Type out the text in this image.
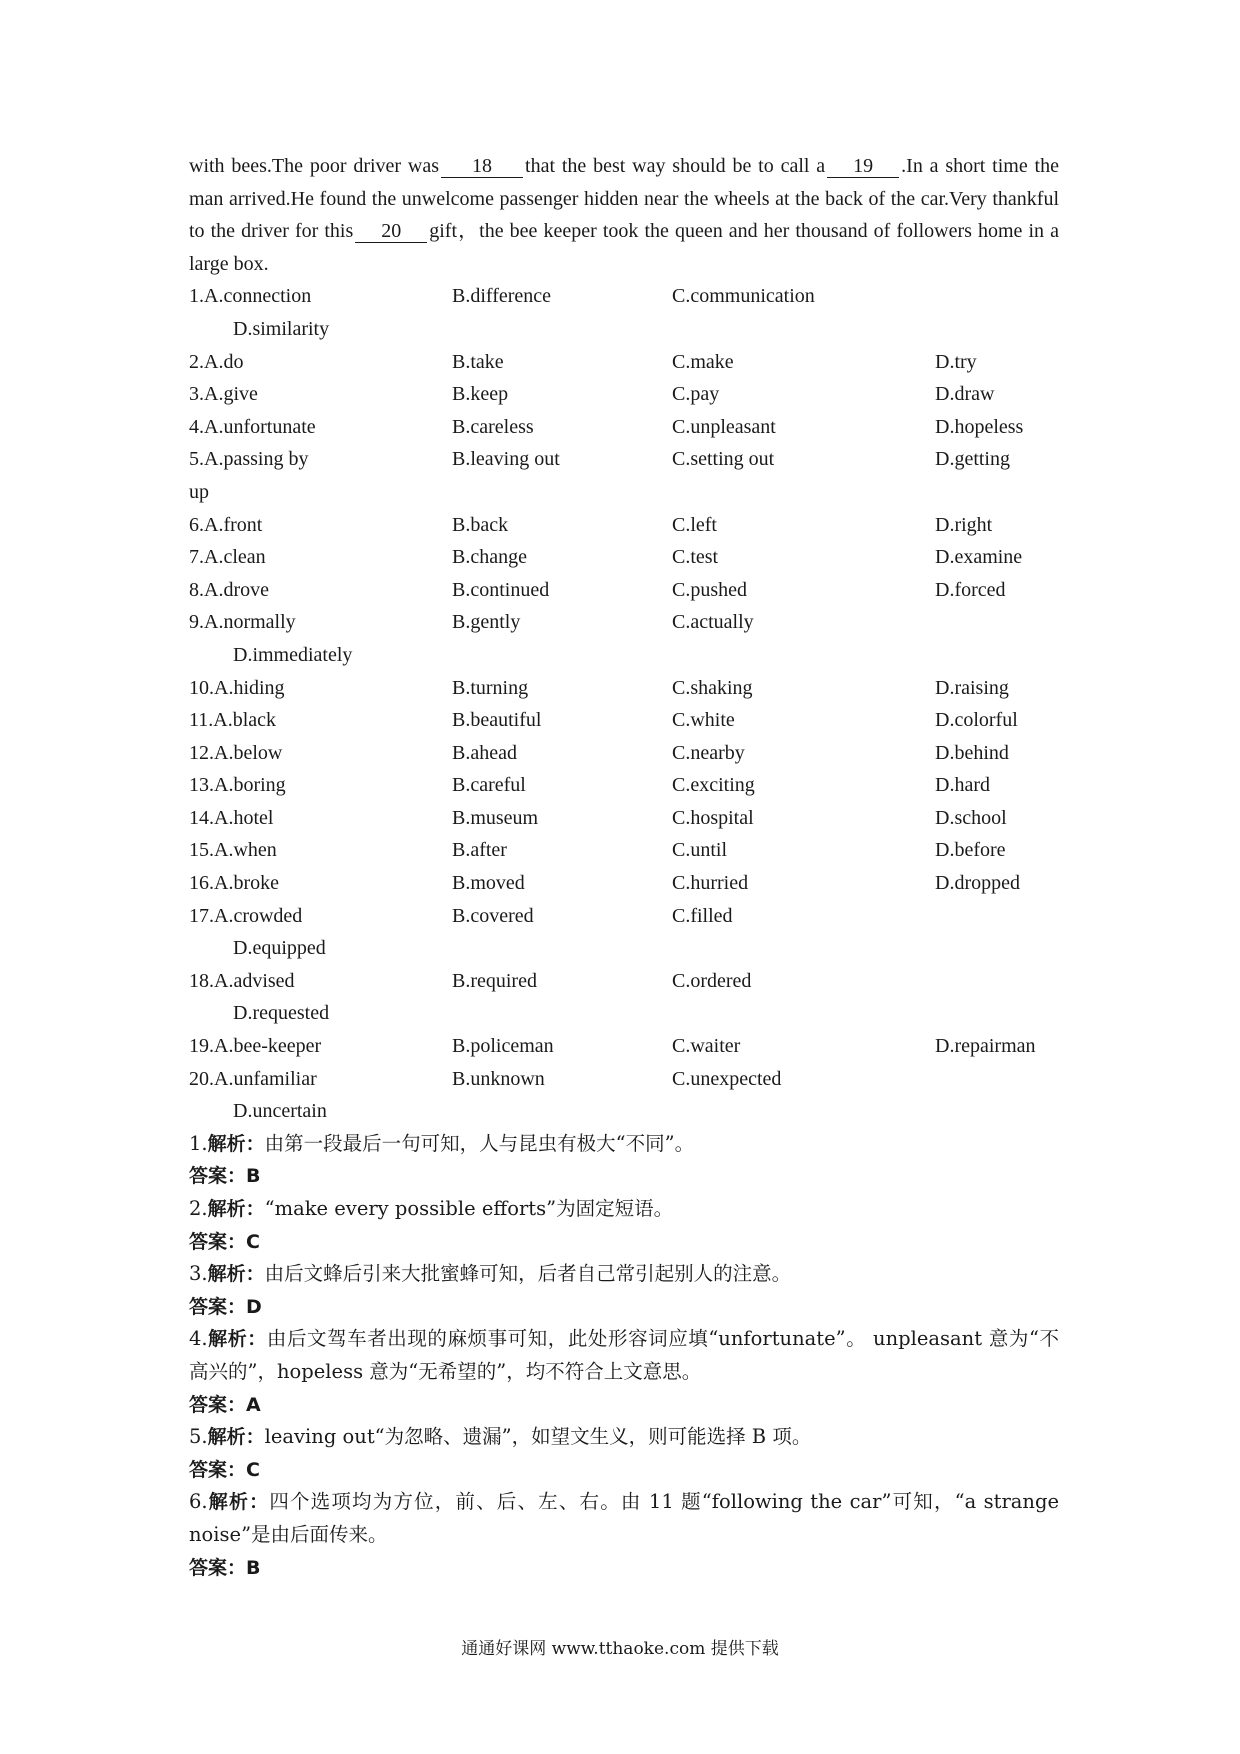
with bees.The poor driver was 18 that the best way should be to call a 19 .In a short time the man arrived.He found the unwelcome passenger hidden near the wheels at the back of the car.Very thankful to the driver for this 20 gift，the bee keeper took the queen and her thousand of followers home in a large box.

1.A.connection	B.difference	C.communication
D.similarity
2.A.do	B.take	C.make	D.try
3.A.give	B.keep	C.pay	D.draw
4.A.unfortunate	B.careless	C.unpleasant	D.hopeless
5.A.passing by	B.leaving out	C.setting out	D.getting
up
6.A.front	B.back	C.left	D.right
7.A.clean	B.change	C.test	D.examine
8.A.drove	B.continued	C.pushed	D.forced
9.A.normally	B.gently	C.actually
D.immediately
10.A.hiding	B.turning	C.shaking	D.raising
11.A.black	B.beautiful	C.white	D.colorful
12.A.below	B.ahead	C.nearby	D.behind
13.A.boring	B.careful	C.exciting	D.hard
14.A.hotel	B.museum	C.hospital	D.school
15.A.when	B.after	C.until	D.before
16.A.broke	B.moved	C.hurried	D.dropped
17.A.crowded	B.covered	C.filled
D.equipped
18.A.advised	B.required	C.ordered
D.requested
19.A.bee-keeper	B.policeman	C.waiter	D.repairman
20.A.unfamiliar	B.unknown	C.unexpected
D.uncertain

1.解析：由第一段最后一句可知，人与昆虫有极大“不同”。

答案：B

2.解析：“make every possible efforts”为固定短语。

答案：C

3.解析：由后文蜂后引来大批蜜蜂可知，后者自己常引起别人的注意。

答案：D

4.解析：由后文驾车者出现的麻烦事可知，此处形容词应填“unfortunate”。 unpleasant 意为“不高兴的”，hopeless 意为“无希望的”，均不符合上文意思。

答案：A

5.解析：leaving out“为忽略、遗漏”，如望文生义，则可能选择 B 项。

答案：C

6.解析：四个选项均为方位，前、后、左、右。由 11 题“following the car”可知，“a strange noise”是由后面传来。

答案：B

通通好课网 www.tthaoke.com 提供下载
